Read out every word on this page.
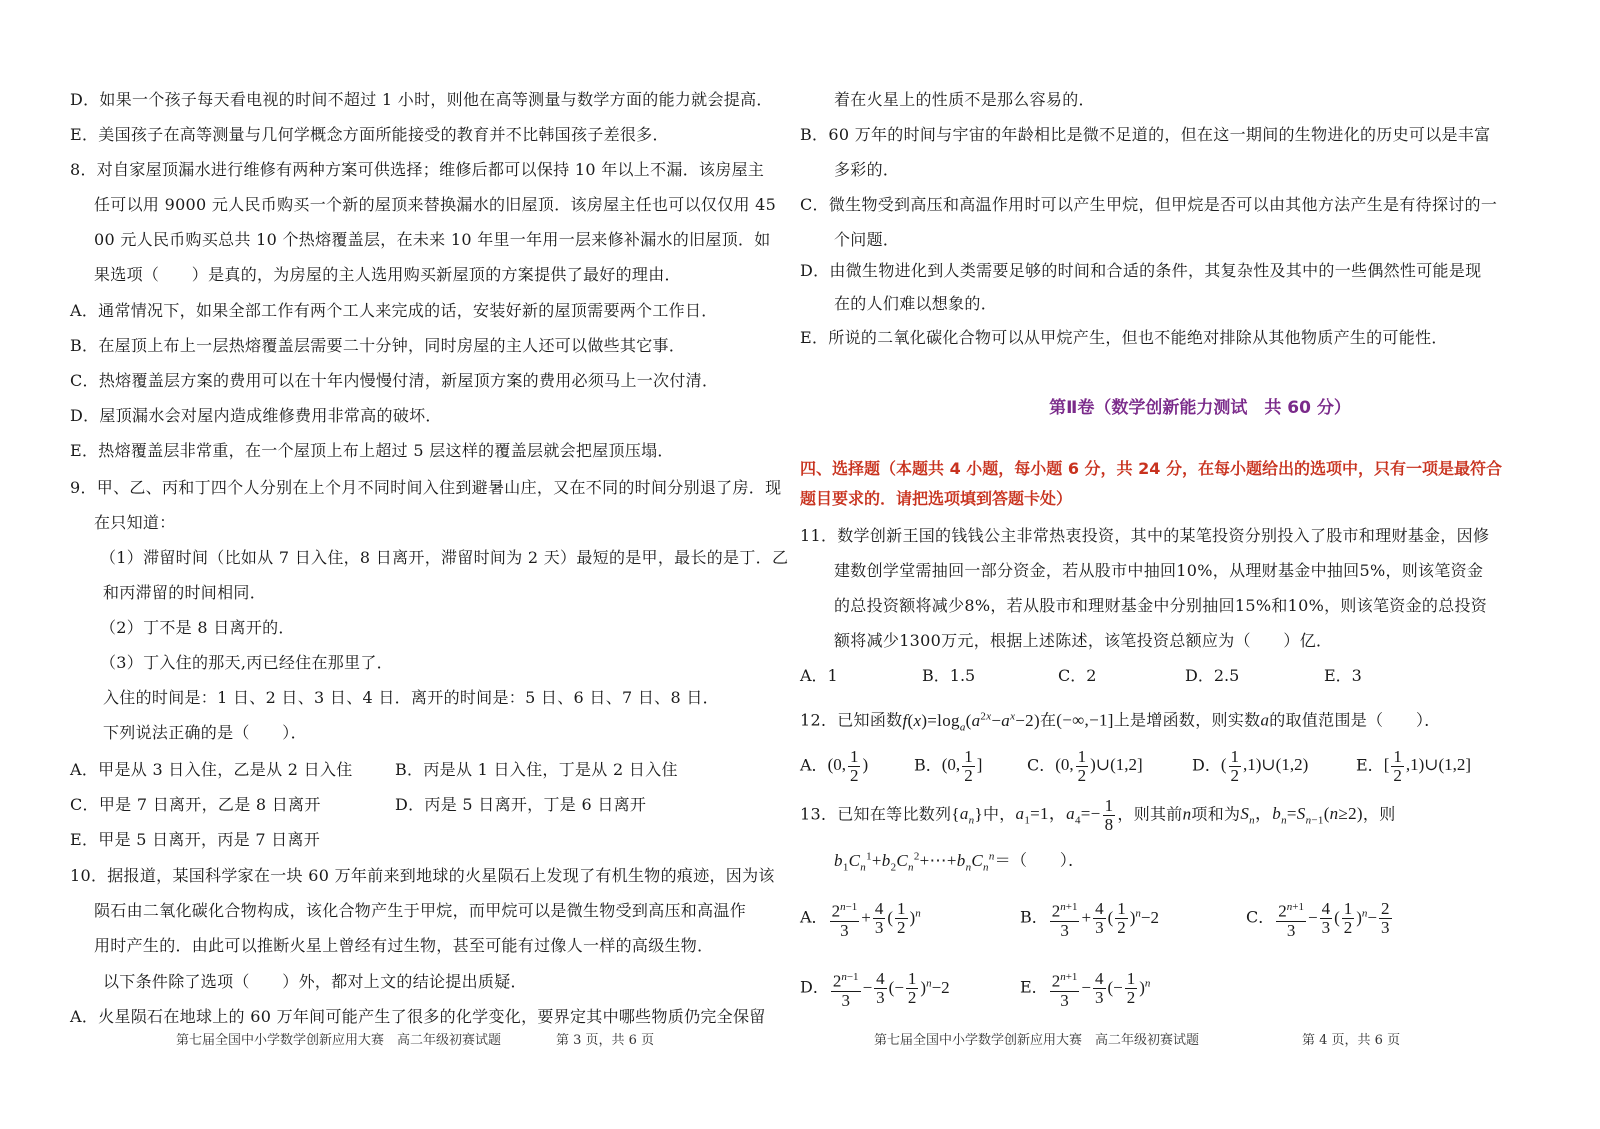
D．如果一个孩子每天看电视的时间不超过 1 小时，则他在高等测量与数学方面的能力就会提高．
E．美国孩子在高等测量与几何学概念方面所能接受的教育并不比韩国孩子差很多．
8．对自家屋顶漏水进行维修有两种方案可供选择；维修后都可以保持 10 年以上不漏．该房屋主
任可以用 9000 元人民币购买一个新的屋顶来替换漏水的旧屋顶．该房屋主任也可以仅仅用 45
00 元人民币购买总共 10 个热熔覆盖层，在未来 10 年里一年用一层来修补漏水的旧屋顶．如
果选项（　　）是真的，为房屋的主人选用购买新屋顶的方案提供了最好的理由．
A．通常情况下，如果全部工作有两个工人来完成的话，安装好新的屋顶需要两个工作日．
B．在屋顶上布上一层热熔覆盖层需要二十分钟，同时房屋的主人还可以做些其它事．
C．热熔覆盖层方案的费用可以在十年内慢慢付清，新屋顶方案的费用必须马上一次付清．
D．屋顶漏水会对屋内造成维修费用非常高的破坏．
E．热熔覆盖层非常重，在一个屋顶上布上超过 5 层这样的覆盖层就会把屋顶压塌．
9．甲、乙、丙和丁四个人分别在上个月不同时间入住到避暑山庄，又在不同的时间分别退了房．现
在只知道：
（1）滞留时间（比如从 7 日入住，8 日离开，滞留时间为 2 天）最短的是甲，最长的是丁．乙
和丙滞留的时间相同．
（2）丁不是 8 日离开的．
（3）丁入住的那天,丙已经住在那里了．
入住的时间是：1 日、2 日、3 日、4 日．离开的时间是：5 日、6 日、7 日、8 日．
下列说法正确的是（　　）．
A．甲是从 3 日入住，乙是从 2 日入住	B．丙是从 1 日入住，丁是从 2 日入住
C．甲是 7 日离开，乙是 8 日离开	D．丙是 5 日离开，丁是 6 日离开
E．甲是 5 日离开，丙是 7 日离开
10．据报道，某国科学家在一块 60 万年前来到地球的火星陨石上发现了有机生物的痕迹，因为该
陨石由二氧化碳化合物构成，该化合物产生于甲烷，而甲烷可以是微生物受到高压和高温作
用时产生的．由此可以推断火星上曾经有过生物，甚至可能有过像人一样的高级生物．
以下条件除了选项（　　）外，都对上文的结论提出质疑．
A．火星陨石在地球上的 60 万年间可能产生了很多的化学变化，要界定其中哪些物质仍完全保留
第七届全国中小学数学创新应用大赛　高二年级初赛试题	第 3 页，共 6 页
着在火星上的性质不是那么容易的．
B．60 万年的时间与宇宙的年龄相比是微不足道的，但在这一期间的生物进化的历史可以是丰富
多彩的．
C．微生物受到高压和高温作用时可以产生甲烷，但甲烷是否可以由其他方法产生是有待探讨的一
个问题．
D．由微生物进化到人类需要足够的时间和合适的条件，其复杂性及其中的一些偶然性可能是现
在的人们难以想象的．
E．所说的二氧化碳化合物可以从甲烷产生，但也不能绝对排除从其他物质产生的可能性．
第Ⅱ卷（数学创新能力测试　共 60 分）
四、选择题（本题共 4 小题，每小题 6 分，共 24 分，在每小题给出的选项中，只有一项是最符合
题目要求的．请把选项填到答题卡处）
11．数学创新王国的钱钱公主非常热衷投资，其中的某笔投资分别投入了股市和理财基金，因修
建数创学堂需抽回一部分资金，若从股市中抽回10%，从理财基金中抽回5%，则该笔资金
的总投资额将减少8%，若从股市和理财基金中分别抽回15%和10%，则该笔资金的总投资
额将减少1300万元，根据上述陈述，该笔投资总额应为（　　）亿．
A．1	B．1.5	C．2	D．2.5	E．3
12．已知函数$f(x)=\log_a(a^{2x}-a^x-2)$在(−∞,−1]上是增函数，则实数a的取值范围是（　　）．
A．(0, $\frac{1}{2}$ )	B．(0, $\frac{1}{2}$ ]	C．(0, $\frac{1}{2}$ )∪(1,2]	D．( $\frac{1}{2}$ ,1)∪(1,2)	E．[ $\frac{1}{2}$ ,1)∪(1,2]
13．已知在等比数列$\{a_n\}$中，$a_1=1$，$a_4=- \frac{1}{8}$ ，则其前n项和为$S_n$，$b_n=S_{n-1}(n\ge 2)$，则
$b_1C_n^1+b_2C_n^2+\cdots+b_nC_n^n=$（　　）．
A． $\frac{2^{n-1}}{3} + \frac{4}{3}$ ( $\frac{1}{2} )^n$	B． $\frac{2^{n+1}}{3} + \frac{4}{3}$ ( $\frac{1}{2} )^n-2$	C． $\frac{2^{n+1}}{3} - \frac{4}{3}$ ( $\frac{1}{2} )^n- \frac{2}{3}$
D． $\frac{2^{n-1}}{3} - \frac{4}{3}$ (− $\frac{1}{2} )^n-2$	E． $\frac{2^{n+1}}{3} - \frac{4}{3}$ (− $\frac{1}{2} )^n$
第七届全国中小学数学创新应用大赛　高二年级初赛试题	第 4 页，共 6 页
